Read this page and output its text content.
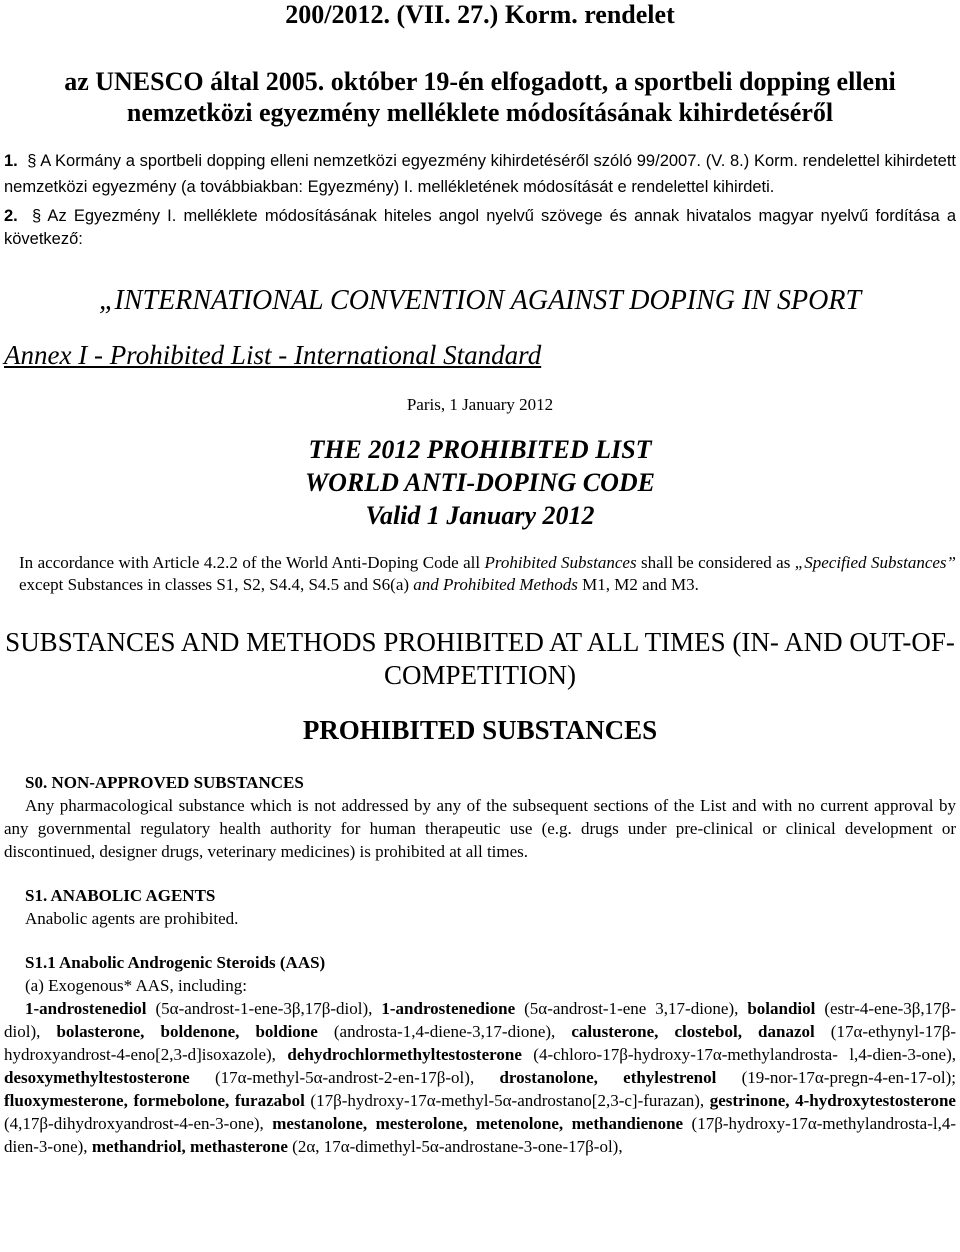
200/2012. (VII. 27.) Korm. rendelet
az UNESCO által 2005. október 19-én elfogadott, a sportbeli dopping elleni nemzetközi egyezmény melléklete módosításának kihirdetéséről

1.  § A Kormány a sportbeli dopping elleni nemzetközi egyezmény kihirdetéséről szóló 99/2007. (V. 8.) Korm. rendelettel kihirdetett nemzetközi egyezmény (a továbbiakban: Egyezmény) I. mellékletének módosítását e rendelettel kihirdeti.

2.  § Az Egyezmény I. melléklete módosításának hiteles angol nyelvű szövege és annak hivatalos magyar nyelvű fordítása a következő:

„INTERNATIONAL CONVENTION AGAINST DOPING IN SPORT
Annex I - Prohibited List - International Standard
Paris, 1 January 2012
THE 2012 PROHIBITED LIST
WORLD ANTI-DOPING CODE
Valid 1 January 2012

In accordance with Article 4.2.2 of the World Anti-Doping Code all Prohibited Substances shall be considered as „Specified Substances” except Substances in classes S1, S2, S4.4, S4.5 and S6(a) and Prohibited Methods M1, M2 and M3.

SUBSTANCES AND METHODS PROHIBITED AT ALL TIMES (IN- AND OUT-OF-COMPETITION)
PROHIBITED SUBSTANCES

S0. NON-APPROVED SUBSTANCES

Any pharmacological substance which is not addressed by any of the subsequent sections of the List and with no current approval by any governmental regulatory health authority for human therapeutic use (e.g. drugs under pre-clinical or clinical development or discontinued, designer drugs, veterinary medicines) is prohibited at all times.

S1. ANABOLIC AGENTS

Anabolic agents are prohibited.

S1.1 Anabolic Androgenic Steroids (AAS)

(a) Exogenous* AAS, including:

1-androstenediol (5α-androst-1-ene-3β,17β-diol), 1-androstenedione (5α-androst-1-ene 3,17-dione), bolandiol (estr-4-ene-3β,17β-diol), bolasterone, boldenone, boldione (androsta-1,4-diene-3,17-dione), calusterone, clostebol, danazol (17α-ethynyl-17β-hydroxyandrost-4-eno[2,3-d]isoxazole), dehydrochlormethyltestosterone (4-chloro-17β-hydroxy-17α-methylandrosta- l,4-dien-3-one), desoxymethyltestosterone (17α-methyl-5α-androst-2-en-17β-ol), drostanolone, ethylestrenol (19-nor-17α-pregn-4-en-17-ol); fluoxymesterone, formebolone, furazabol (17β-hydroxy-17α-methyl-5α-androstano[2,3-c]-furazan), gestrinone, 4-hydroxytestosterone (4,17β-dihydroxyandrost-4-en-3-one), mestanolone, mesterolone, metenolone, methandienone (17β-hydroxy-17α-methylandrosta-l,4-dien-3-one), methandriol, methasterone (2α, 17α-dimethyl-5α-androstane-3-one-17β-ol),
